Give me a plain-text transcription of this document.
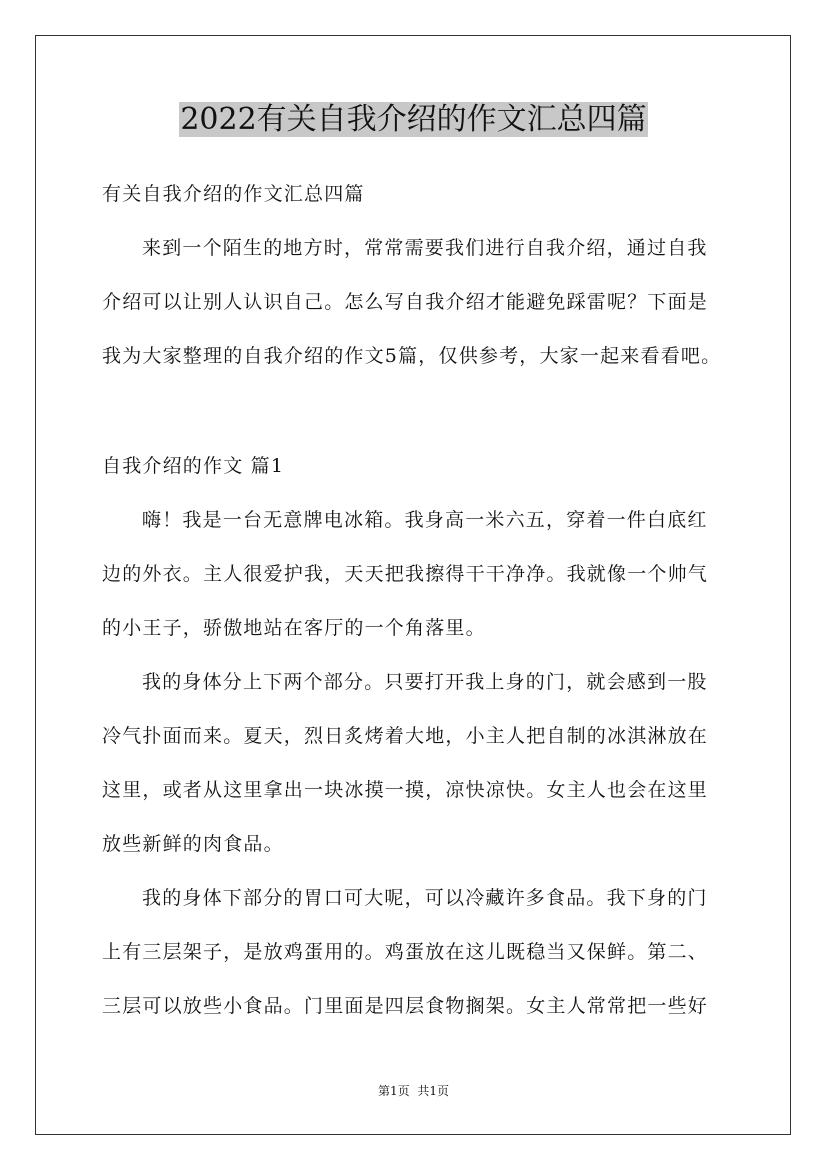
2022有关自我介绍的作文汇总四篇
有关自我介绍的作文汇总四篇
来到一个陌生的地方时，常常需要我们进行自我介绍，通过自我
介绍可以让别人认识自己。怎么写自我介绍才能避免踩雷呢？下面是
我为大家整理的自我介绍的作文5篇，仅供参考，大家一起来看看吧。
自我介绍的作文 篇1
嗨！我是一台无意牌电冰箱。我身高一米六五，穿着一件白底红
边的外衣。主人很爱护我，天天把我擦得干干净净。我就像一个帅气
的小王子，骄傲地站在客厅的一个角落里。
我的身体分上下两个部分。只要打开我上身的门，就会感到一股
冷气扑面而来。夏天，烈日炙烤着大地，小主人把自制的冰淇淋放在
这里，或者从这里拿出一块冰摸一摸，凉快凉快。女主人也会在这里
放些新鲜的肉食品。
我的身体下部分的胃口可大呢，可以冷藏许多食品。我下身的门
上有三层架子，是放鸡蛋用的。鸡蛋放在这儿既稳当又保鲜。第二、
三层可以放些小食品。门里面是四层食物搁架。女主人常常把一些好
第1页 共1页
